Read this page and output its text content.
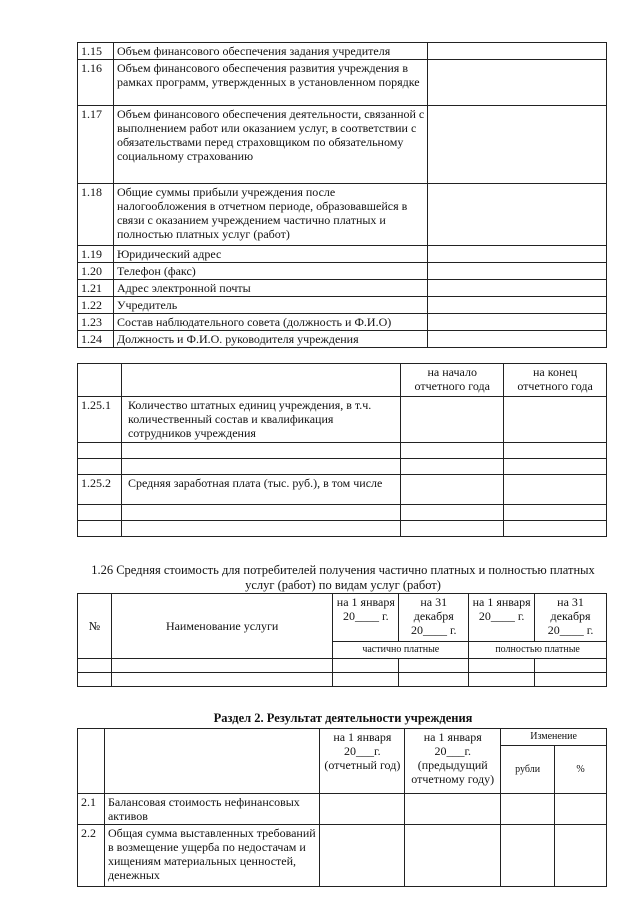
1.15	Объем финансового обеспечения задания учредителя	
1.16	Объем финансового обеспечения развития учреждения в рамках программ, утвержденных в установленном порядке	
1.17	Объем финансового обеспечения деятельности, связанной с выполнением работ или оказанием услуг, в соответствии с обязательствами перед страховщиком по обязательному социальному страхованию	
1.18	Общие суммы прибыли учреждения после налогообложения в отчетном периоде, образовавшейся в связи с оказанием учреждением частично платных и полностью платных услуг (работ)	
1.19	Юридический адрес	
1.20	Телефон (факс)	
1.21	Адрес электронной почты	
1.22	Учредитель	
1.23	Состав наблюдательного совета (должность и Ф.И.О)	
1.24	Должность и Ф.И.О. руководителя учреждения	
		на начало отчетного года	на конец отчетного года
1.25.1	Количество штатных единиц учреждения, в т.ч. количественный состав и квалификация сотрудников учреждения		

1.25.2	Средняя заработная плата (тыс. руб.), в том числе		

1.26 Средняя стоимость для потребителей получения частично платных и полностью платных услуг (работ) по видам услуг (работ)
№	Наименование услуги	на 1 января 20____ г.	на 31 декабря 20____ г.	на 1 января 20____ г.	на 31 декабря 20____ г.
		частично платные		полностью платные	

Раздел 2. Результат деятельности учреждения
		на 1 января 20___г. (отчетный год)	на 1 января 20___г. (предыдущий отчетному году)	Изменение	
				рубли	%
2.1	Балансовая стоимость нефинансовых активов				
2.2	Общая сумма выставленных требований в возмещение ущерба по недостачам и хищениям материальных ценностей, денежных				
